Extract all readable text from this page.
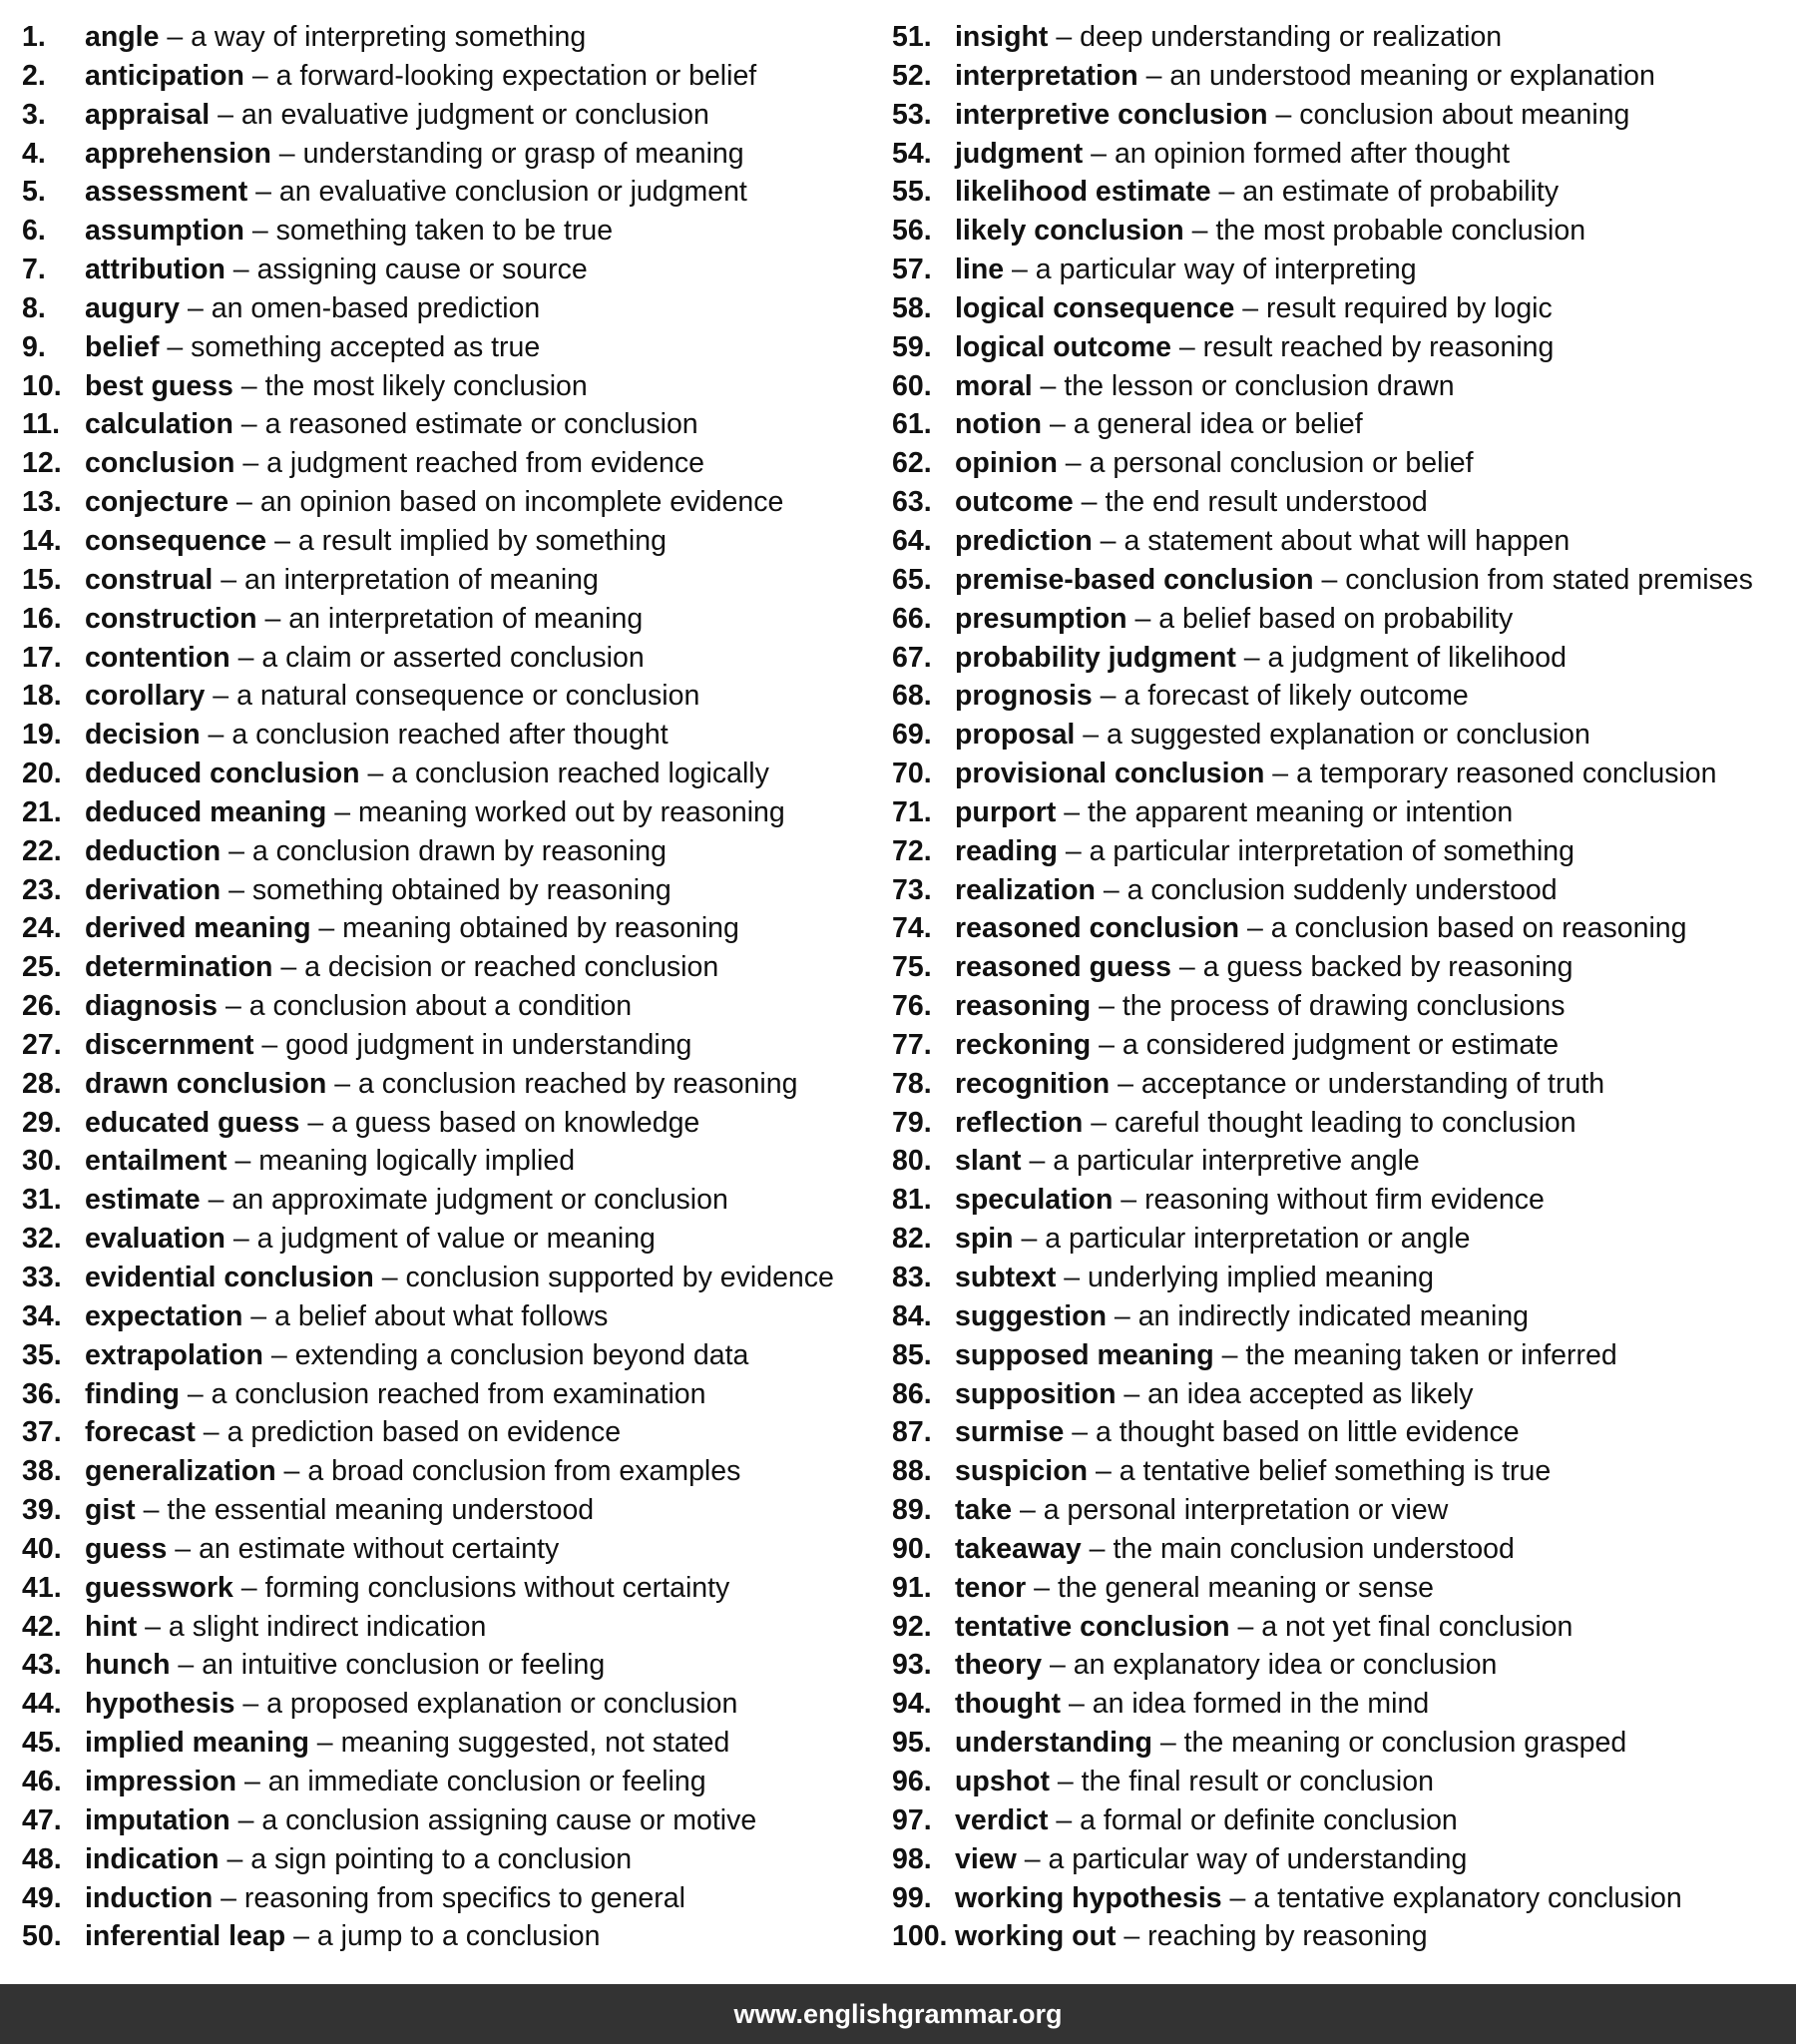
1.	angle – a way of interpreting something
2.	anticipation – a forward-looking expectation or belief
3.	appraisal – an evaluative judgment or conclusion
4.	apprehension – understanding or grasp of meaning
5.	assessment – an evaluative conclusion or judgment
6.	assumption – something taken to be true
7.	attribution – assigning cause or source
8.	augury – an omen-based prediction
9.	belief – something accepted as true
10. best guess – the most likely conclusion
11. calculation – a reasoned estimate or conclusion
12. conclusion – a judgment reached from evidence
13. conjecture – an opinion based on incomplete evidence
14. consequence – a result implied by something
15. construal – an interpretation of meaning
16. construction – an interpretation of meaning
17. contention – a claim or asserted conclusion
18. corollary – a natural consequence or conclusion
19. decision – a conclusion reached after thought
20. deduced conclusion – a conclusion reached logically
21. deduced meaning – meaning worked out by reasoning
22. deduction – a conclusion drawn by reasoning
23. derivation – something obtained by reasoning
24. derived meaning – meaning obtained by reasoning
25. determination – a decision or reached conclusion
26. diagnosis – a conclusion about a condition
27. discernment – good judgment in understanding
28. drawn conclusion – a conclusion reached by reasoning
29. educated guess – a guess based on knowledge
30. entailment – meaning logically implied
31. estimate – an approximate judgment or conclusion
32. evaluation – a judgment of value or meaning
33. evidential conclusion – conclusion supported by evidence
34. expectation – a belief about what follows
35. extrapolation – extending a conclusion beyond data
36. finding – a conclusion reached from examination
37. forecast – a prediction based on evidence
38. generalization – a broad conclusion from examples
39. gist – the essential meaning understood
40. guess – an estimate without certainty
41. guesswork – forming conclusions without certainty
42. hint – a slight indirect indication
43. hunch – an intuitive conclusion or feeling
44. hypothesis – a proposed explanation or conclusion
45. implied meaning – meaning suggested, not stated
46. impression – an immediate conclusion or feeling
47. imputation – a conclusion assigning cause or motive
48. indication – a sign pointing to a conclusion
49. induction – reasoning from specifics to general
50. inferential leap – a jump to a conclusion
51. insight – deep understanding or realization
52. interpretation – an understood meaning or explanation
53. interpretive conclusion – conclusion about meaning
54. judgment – an opinion formed after thought
55. likelihood estimate – an estimate of probability
56. likely conclusion – the most probable conclusion
57. line – a particular way of interpreting
58. logical consequence – result required by logic
59. logical outcome – result reached by reasoning
60. moral – the lesson or conclusion drawn
61. notion – a general idea or belief
62. opinion – a personal conclusion or belief
63. outcome – the end result understood
64. prediction – a statement about what will happen
65. premise-based conclusion – conclusion from stated premises
66. presumption – a belief based on probability
67. probability judgment – a judgment of likelihood
68. prognosis – a forecast of likely outcome
69. proposal – a suggested explanation or conclusion
70. provisional conclusion – a temporary reasoned conclusion
71. purport – the apparent meaning or intention
72. reading – a particular interpretation of something
73. realization – a conclusion suddenly understood
74. reasoned conclusion – a conclusion based on reasoning
75. reasoned guess – a guess backed by reasoning
76. reasoning – the process of drawing conclusions
77. reckoning – a considered judgment or estimate
78. recognition – acceptance or understanding of truth
79. reflection – careful thought leading to conclusion
80. slant – a particular interpretive angle
81. speculation – reasoning without firm evidence
82. spin – a particular interpretation or angle
83. subtext – underlying implied meaning
84. suggestion – an indirectly indicated meaning
85. supposed meaning – the meaning taken or inferred
86. supposition – an idea accepted as likely
87. surmise – a thought based on little evidence
88. suspicion – a tentative belief something is true
89. take – a personal interpretation or view
90. takeaway – the main conclusion understood
91. tenor – the general meaning or sense
92. tentative conclusion – a not yet final conclusion
93. theory – an explanatory idea or conclusion
94. thought – an idea formed in the mind
95. understanding – the meaning or conclusion grasped
96. upshot – the final result or conclusion
97. verdict – a formal or definite conclusion
98. view – a particular way of understanding
99. working hypothesis – a tentative explanatory conclusion
100. working out – reaching by reasoning
www.englishgrammar.org
